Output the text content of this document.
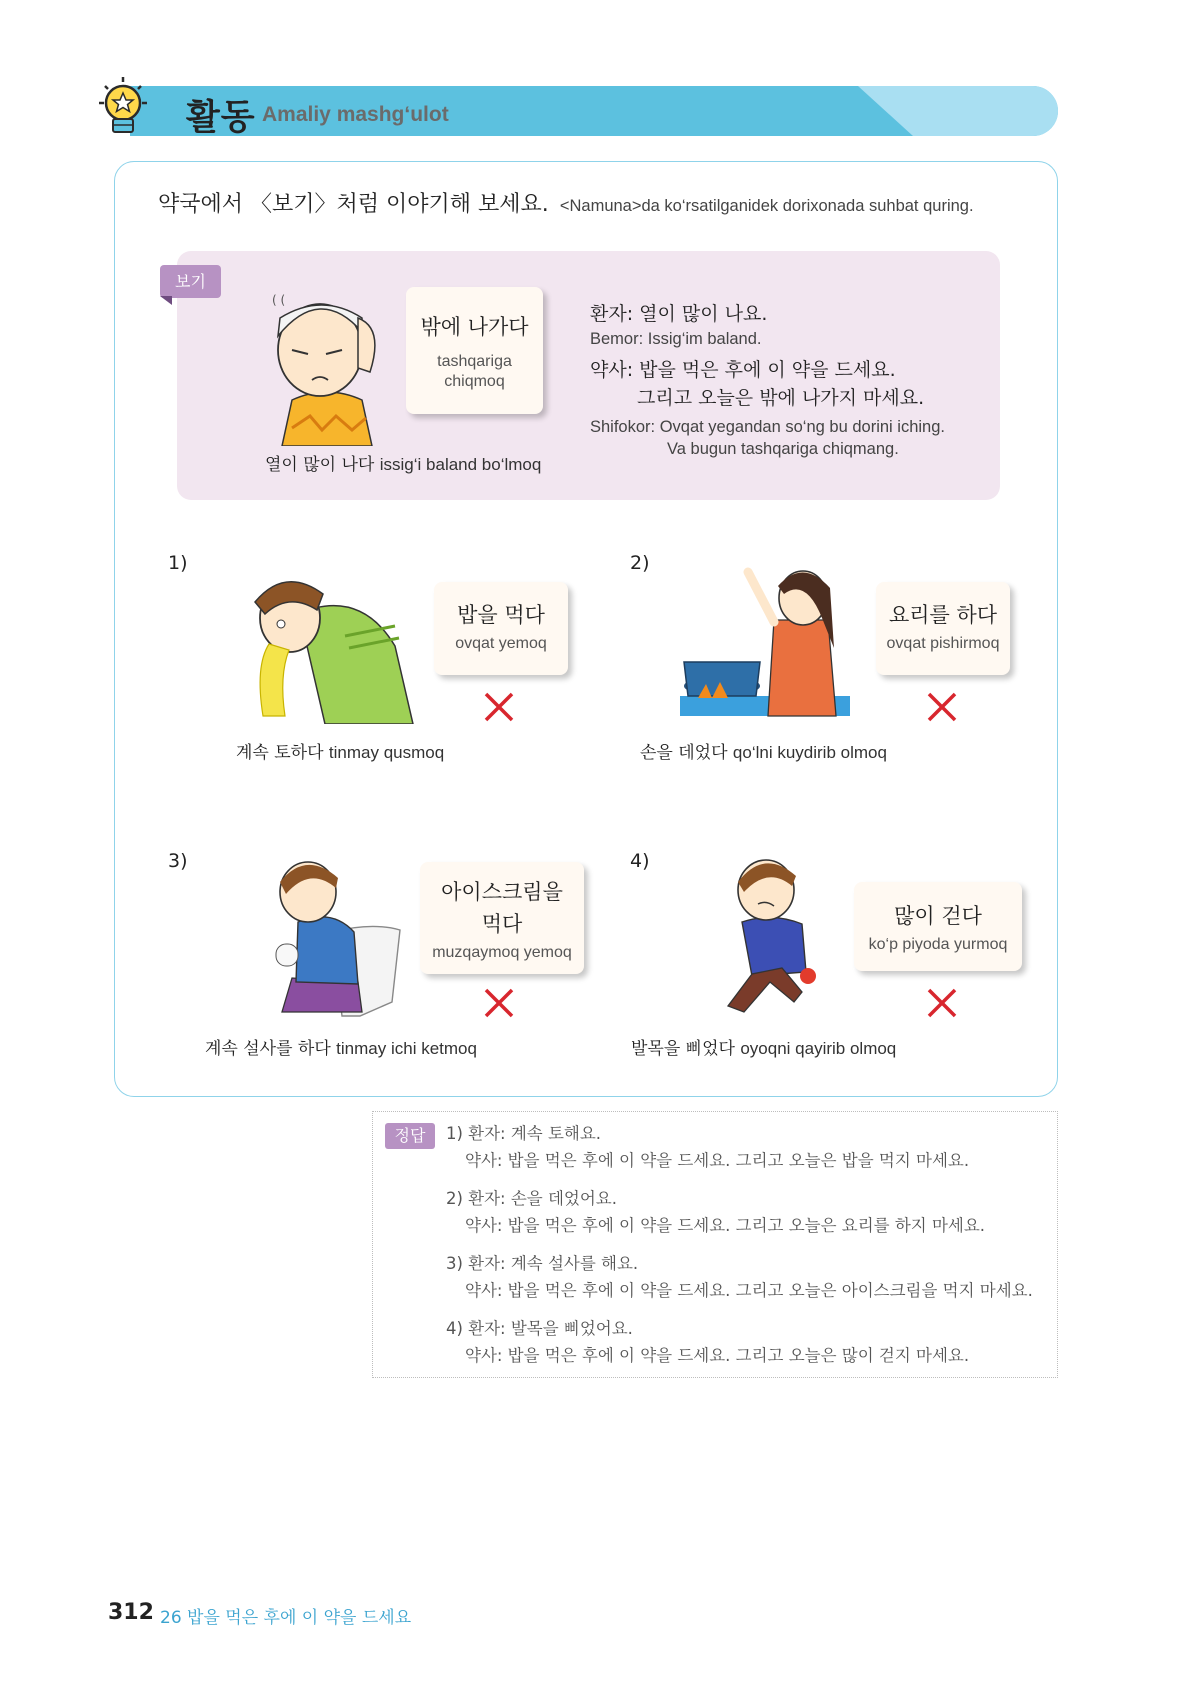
활동 Amaliy mashg‘ulot
약국에서 〈보기〉처럼 이야기해 보세요. <Namuna>da ko‘rsatilganidek dorixonada suhbat quring.
보기
( (
밖에 나가다
tashqariga
chiqmoq
열이 많이 나다 issig‘i baland bo‘lmoq
환자: 열이 많이 나요.
Bemor: Issig‘im baland.
약사: 밥을 먹은 후에 이 약을 드세요.
그리고 오늘은 밖에 나가지 마세요.
Shifokor: Ovqat yegandan so‘ng bu dorini iching.
Va bugun tashqariga chiqmang.
1)
밥을 먹다
ovqat yemoq
계속 토하다 tinmay qusmoq
2)
요리를 하다
ovqat pishirmoq
손을 데었다 qo‘lni kuydirib olmoq
3)
아이스크림을
먹다
muzqaymoq yemoq
계속 설사를 하다 tinmay ichi ketmoq
4)
많이 걷다
ko‘p piyoda yurmoq
발목을 삐었다 oyoqni qayirib olmoq
정답	1) 환자: 계속 토해요.
약사: 밥을 먹은 후에 이 약을 드세요. 그리고 오늘은 밥을 먹지 마세요.
2) 환자: 손을 데었어요.
약사: 밥을 먹은 후에 이 약을 드세요. 그리고 오늘은 요리를 하지 마세요.
3) 환자: 계속 설사를 해요.
약사: 밥을 먹은 후에 이 약을 드세요. 그리고 오늘은 아이스크림을 먹지 마세요.
4) 환자: 발목을 삐었어요.
약사: 밥을 먹은 후에 이 약을 드세요. 그리고 오늘은 많이 걷지 마세요.
312 26 밥을 먹은 후에 이 약을 드세요
